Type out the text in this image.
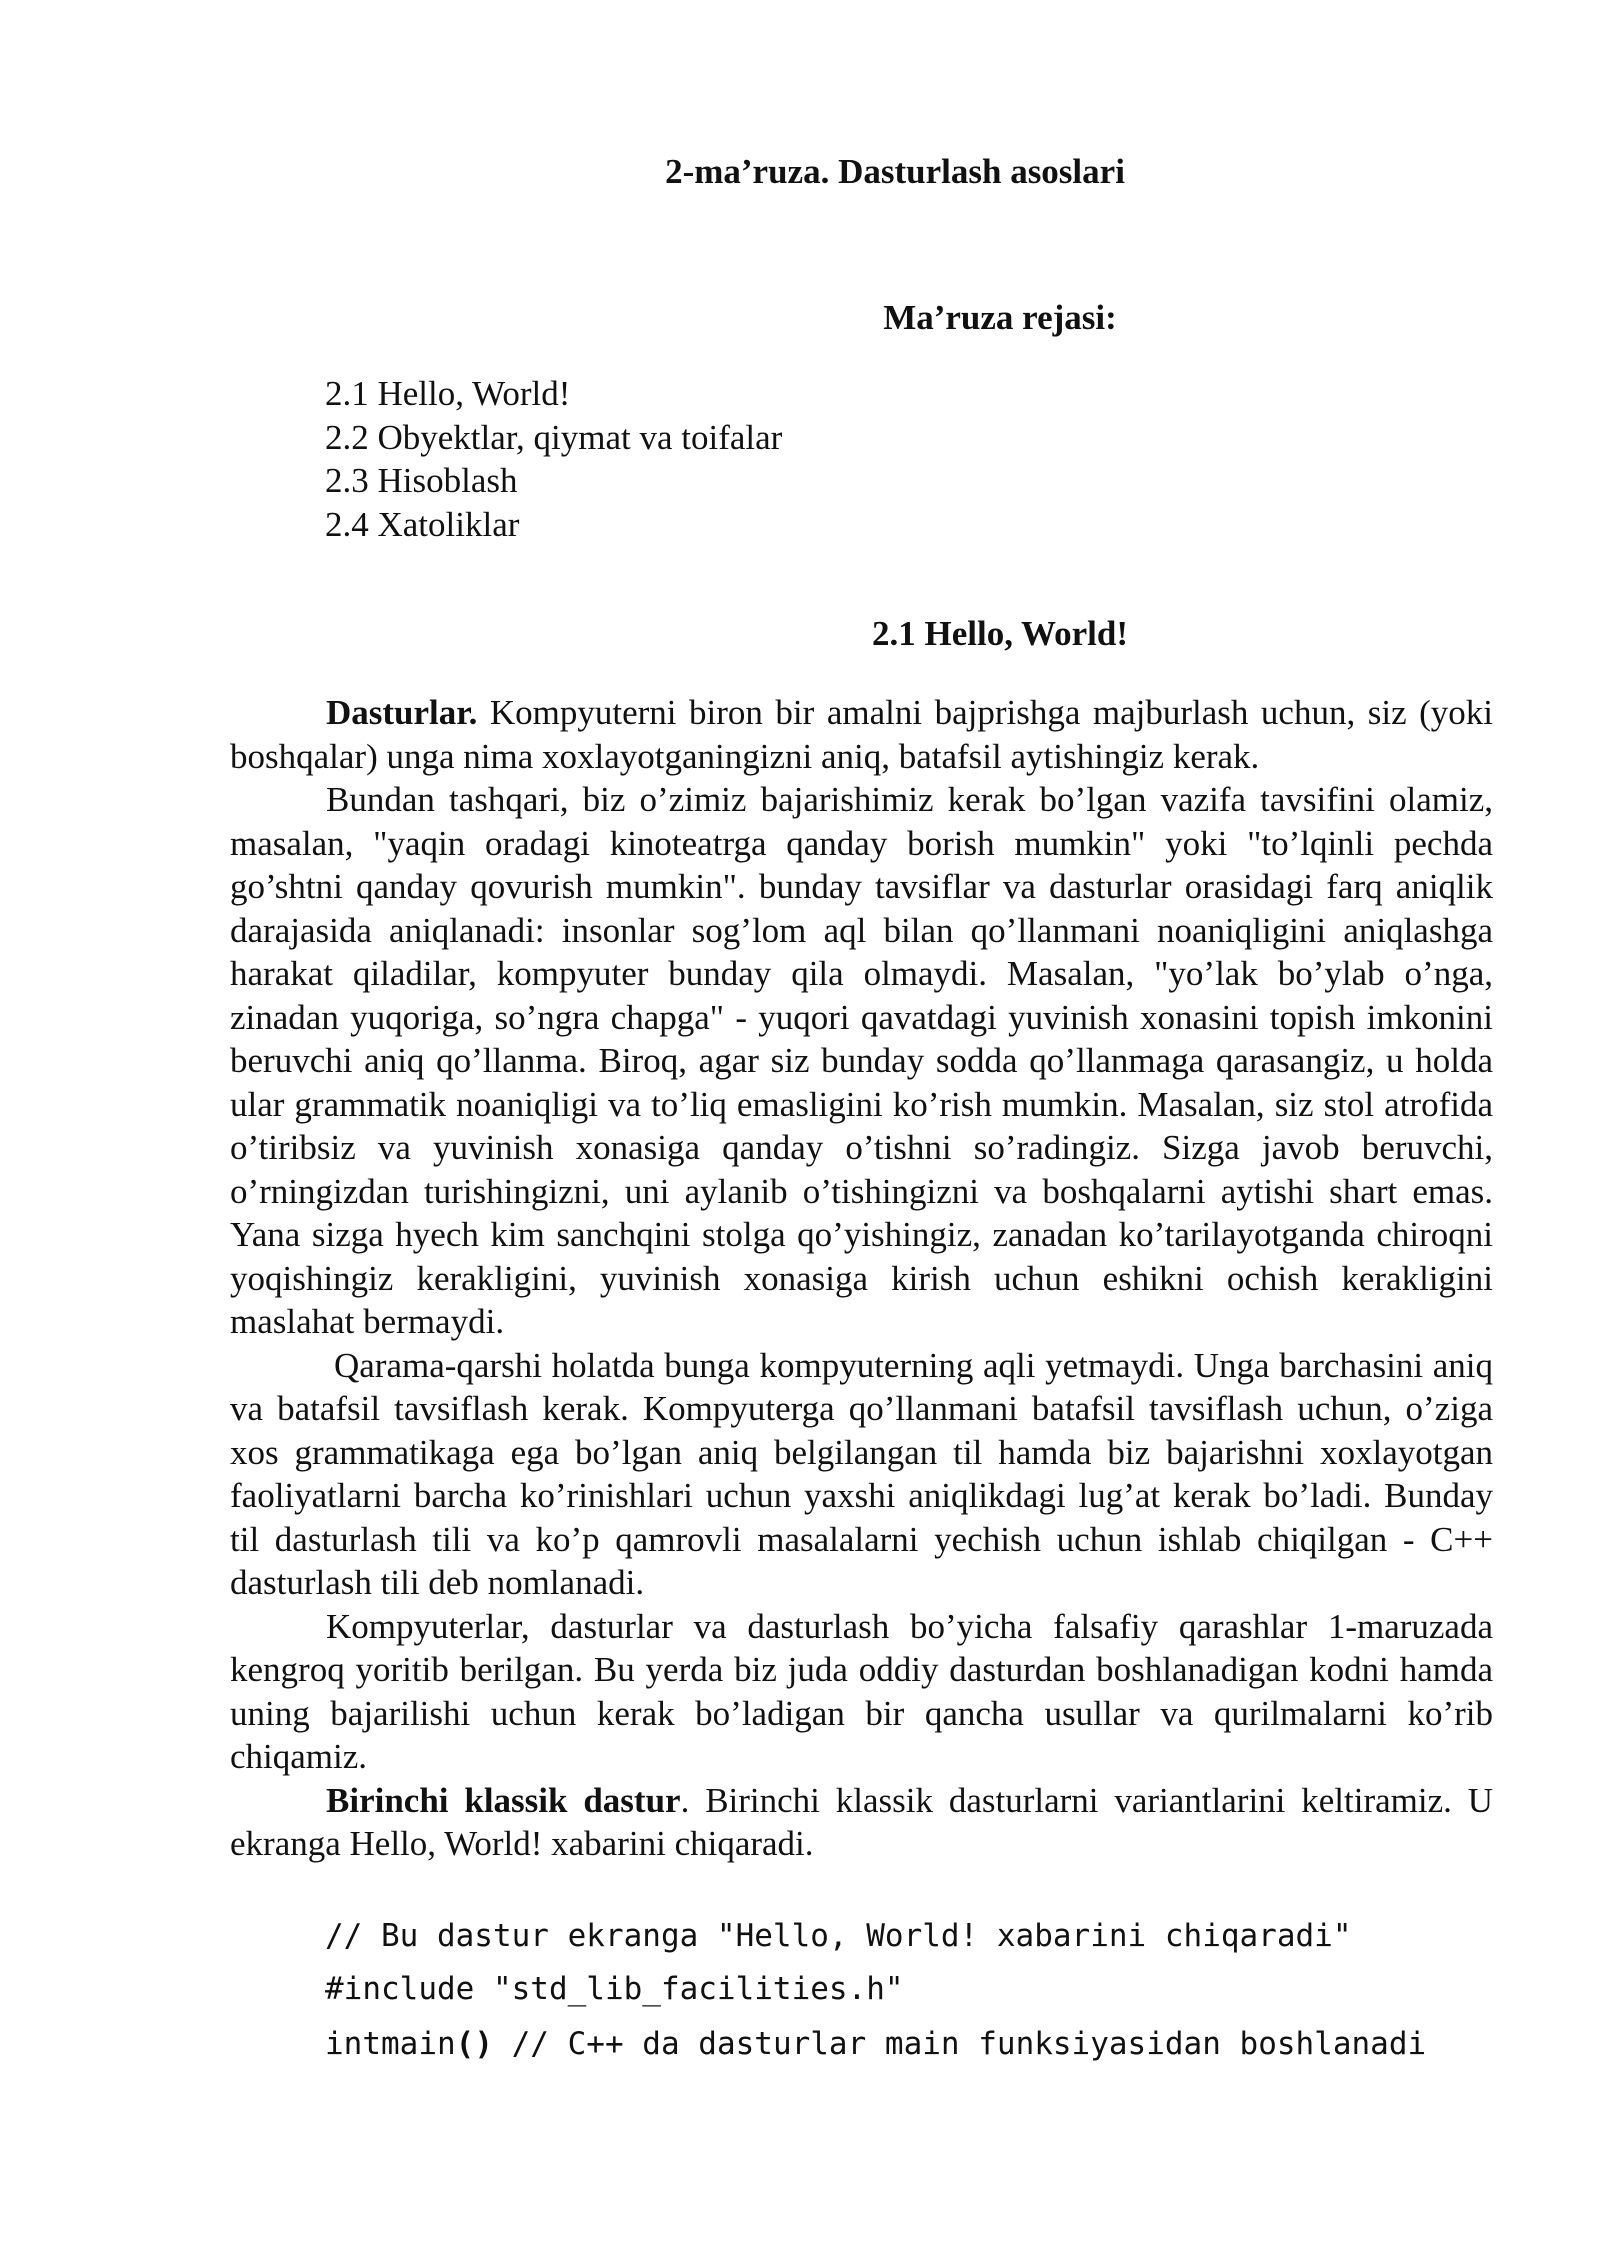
2-ma’ruza. Dasturlash asoslari
Ma’ruza rejasi:
2.1 Hello, World!
2.2 Obyektlar, qiymat va toifalar
2.3 Hisoblash
2.4 Xatoliklar
2.1 Hello, World!

Dasturlar. Kompyuterni biron bir amalni bajprishga majburlash uchun, siz (yoki boshqalar) unga nima xoxlayotganingizni aniq, batafsil aytishingiz kerak.

Bundan tashqari, biz o’zimiz bajarishimiz kerak bo’lgan vazifa tavsifini olamiz, masalan, "yaqin oradagi kinoteatrga qanday borish mumkin" yoki "to’lqinli pechda go’shtni qanday qovurish mumkin". bunday tavsiflar va dasturlar orasidagi farq aniqlik darajasida aniqlanadi: insonlar sog’lom aql bilan qo’llanmani noaniqligini aniqlashga harakat qiladilar, kompyuter bunday qila olmaydi. Masalan, "yo’lak bo’ylab o’nga, zinadan yuqoriga, so’ngra chapga" - yuqori qavatdagi yuvinish xonasini topish imkonini beruvchi aniq qo’llanma. Biroq, agar siz bunday sodda qo’llanmaga qarasangiz, u holda ular grammatik noaniqligi va to’liq emasligini ko’rish mumkin. Masalan, siz stol atrofida o’tiribsiz va yuvinish xonasiga qanday o’tishni so’radingiz. Sizga javob beruvchi, o’rningizdan turishingizni, uni aylanib o’tishingizni va boshqalarni aytishi shart emas. Yana sizga hyech kim sanchqini stolga qo’yishingiz, zanadan ko’tarilayotganda chiroqni yoqishingiz kerakligini, yuvinish xonasiga kirish uchun eshikni ochish kerakligini maslahat bermaydi.

Qarama-qarshi holatda bunga kompyuterning aqli yetmaydi. Unga barchasini aniq va batafsil tavsiflash kerak. Kompyuterga qo’llanmani batafsil tavsiflash uchun, o’ziga xos grammatikaga ega bo’lgan aniq belgilangan til hamda biz bajarishni xoxlayotgan faoliyatlarni barcha ko’rinishlari uchun yaxshi aniqlikdagi lug’at kerak bo’ladi. Bunday til dasturlash tili va ko’p qamrovli masalalarni yechish uchun ishlab chiqilgan - C++ dasturlash tili deb nomlanadi.

Kompyuterlar, dasturlar va dasturlash bo’yicha falsafiy qarashlar 1-maruzada kengroq yoritib berilgan. Bu yerda biz juda oddiy dasturdan boshlanadigan kodni hamda uning bajarilishi uchun kerak bo’ladigan bir qancha usullar va qurilmalarni ko’rib chiqamiz.

Birinchi klassik dastur. Birinchi klassik dasturlarni variantlarini keltiramiz. U ekranga Hello, World! xabarini chiqaradi.

// Bu dastur ekranga "Hello, World! xabarini chiqaradi"
#include "std_lib_facilities.h"
intmain() // C++ da dasturlar main funksiyasidan boshlanadi
